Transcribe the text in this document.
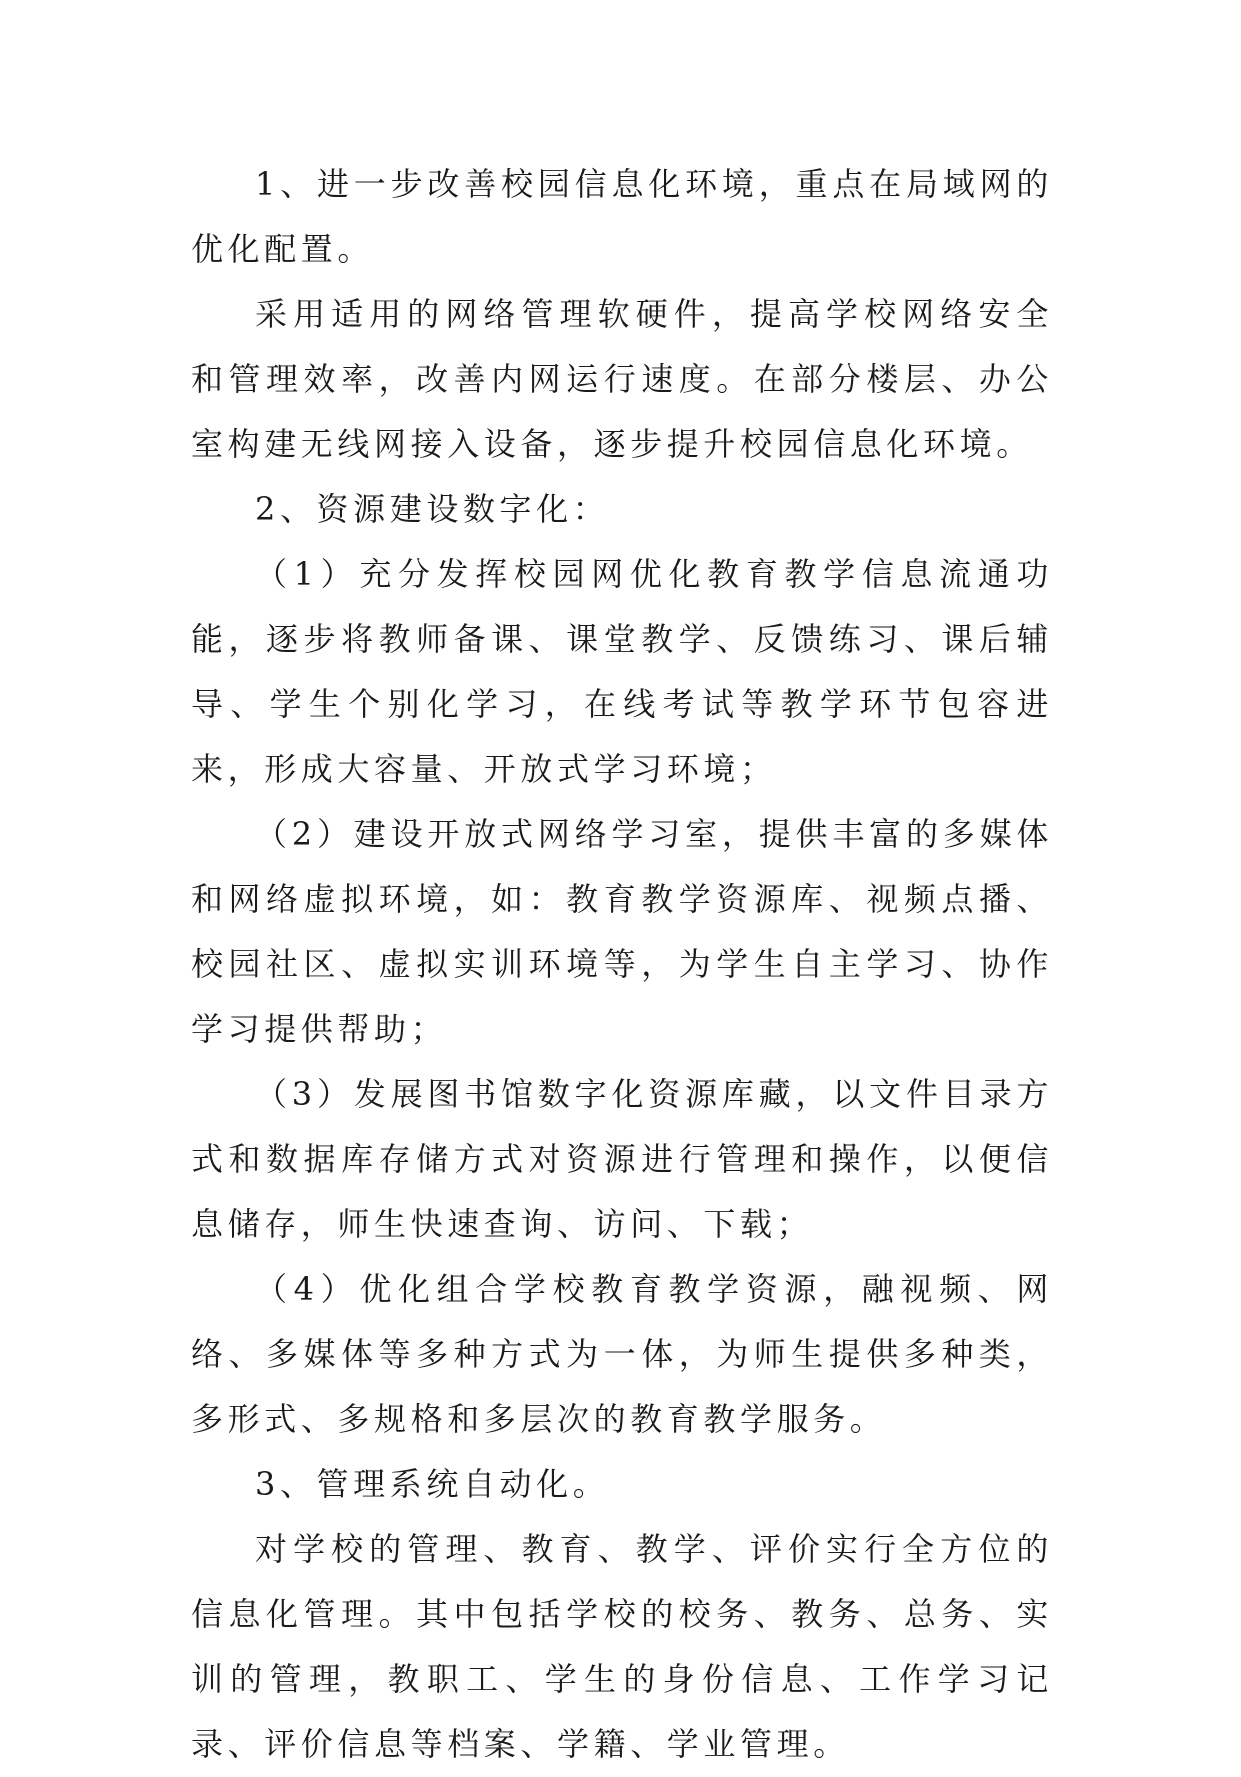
1、进一步改善校园信息化环境，重点在局域网的优化配置。

采用适用的网络管理软硬件，提高学校网络安全和管理效率，改善内网运行速度。在部分楼层、办公室构建无线网接入设备，逐步提升校园信息化环境。

2、资源建设数字化：

（1）充分发挥校园网优化教育教学信息流通功能，逐步将教师备课、课堂教学、反馈练习、课后辅导、学生个别化学习，在线考试等教学环节包容进来，形成大容量、开放式学习环境；

（2）建设开放式网络学习室，提供丰富的多媒体和网络虚拟环境，如：教育教学资源库、视频点播、校园社区、虚拟实训环境等，为学生自主学习、协作学习提供帮助；

（3）发展图书馆数字化资源库藏，以文件目录方式和数据库存储方式对资源进行管理和操作，以便信息储存，师生快速查询、访问、下载；

（4）优化组合学校教育教学资源，融视频、网络、多媒体等多种方式为一体，为师生提供多种类，多形式、多规格和多层次的教育教学服务。

3、管理系统自动化。

对学校的管理、教育、教学、评价实行全方位的信息化管理。其中包括学校的校务、教务、总务、实训的管理，教职工、学生的身份信息、工作学习记录、评价信息等档案、学籍、学业管理。
